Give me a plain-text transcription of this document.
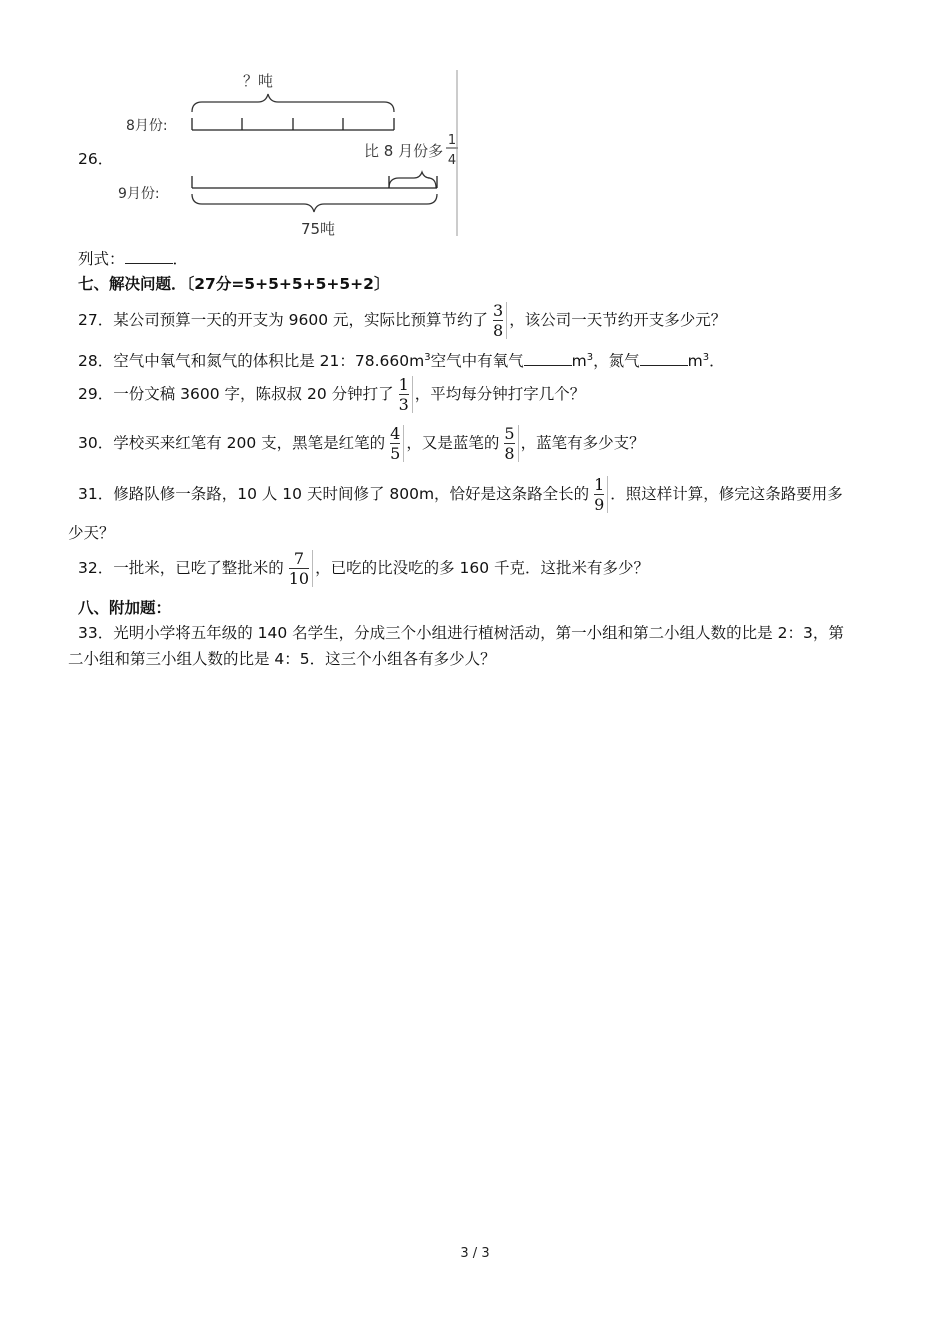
26．
？吨
8月份:
比 8 月份多
1
4
9月份:
75吨
列式：	．
七、解决问题．〔27分=5+5+5+5+5+2〕
27．某公司预算一天的开支为 9600 元，实际比预算节约了 $\frac{3}{8}$ ，该公司一天节约开支多少元？
28．空气中氧气和氮气的体积比是 21：$78.660m^3$空气中有氧气	$m^3$，氮气	$m^3$．
29．一份文稿 3600 字，陈叔叔 20 分钟打了 $\frac{1}{3}$ ，平均每分钟打字几个？
30．学校买来红笔有 200 支，黑笔是红笔的 $\frac{4}{5}$ ，又是蓝笔的 $\frac{5}{8}$ ，蓝笔有多少支？
31．修路队修一条路，10 人 10 天时间修了 800m，恰好是这条路全长的 $\frac{1}{9}$ ．照这样计算，修完这条路要用多
少天？
32．一批米，已吃了整批米的 $\frac{7}{10}$ ，已吃的比没吃的多 160 千克．这批米有多少？
八、附加题：
33．光明小学将五年级的 140 名学生，分成三个小组进行植树活动，第一小组和第二小组人数的比是 2：3，第
二小组和第三小组人数的比是 4：5．这三个小组各有多少人？
3 / 3
